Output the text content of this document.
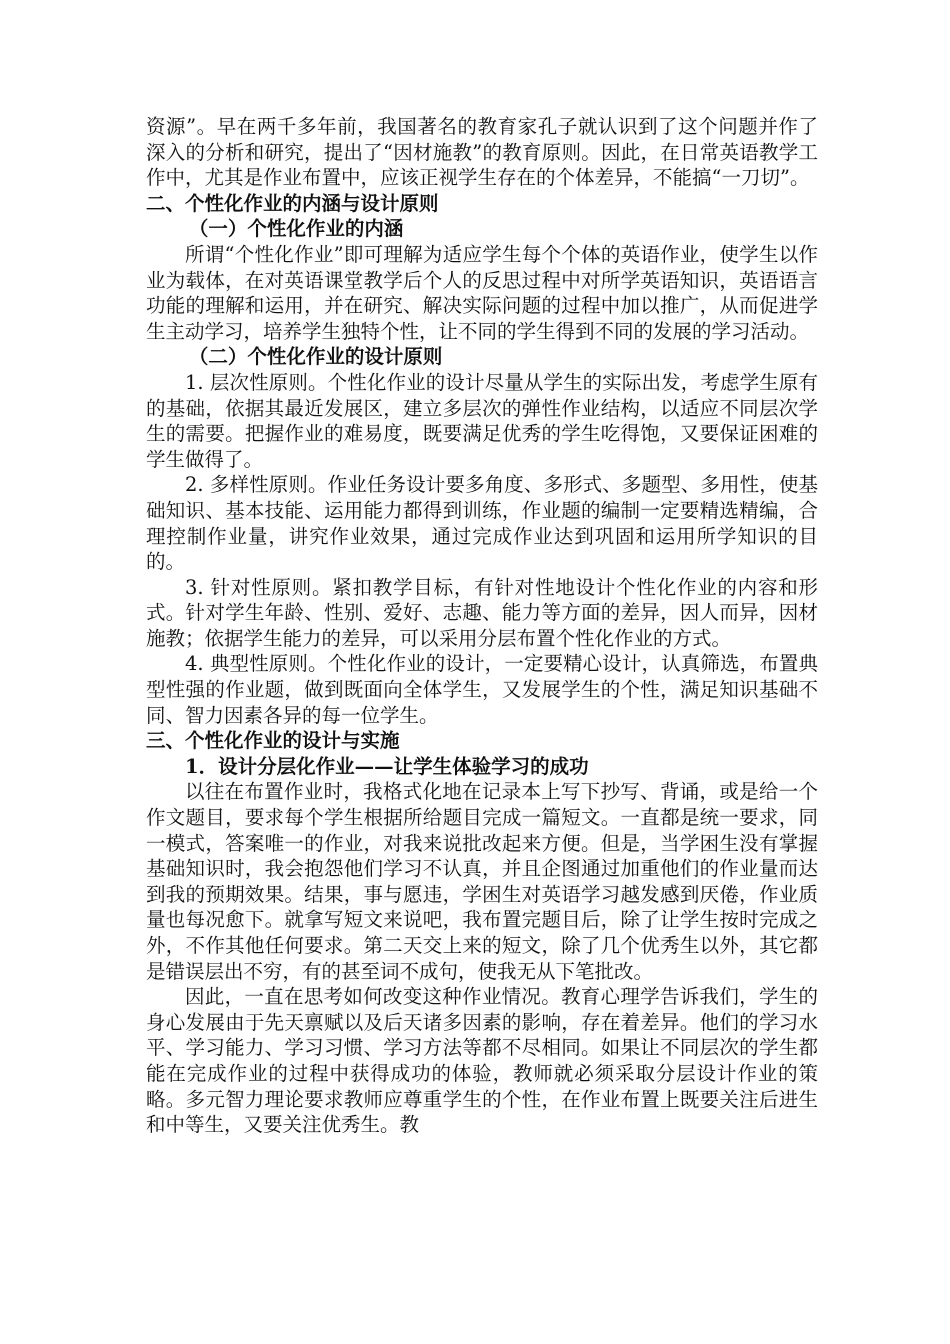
资源”。早在两千多年前，我国著名的教育家孔子就认识到了这个问题并作了深入的分析和研究，提出了“因材施教”的教育原则。因此，在日常英语教学工作中，尤其是作业布置中，应该正视学生存在的个体差异，不能搞“一刀切”。

二、个性化作业的内涵与设计原则

（一）个性化作业的内涵

所谓“个性化作业”即可理解为适应学生每个个体的英语作业，使学生以作业为载体，在对英语课堂教学后个人的反思过程中对所学英语知识，英语语言功能的理解和运用，并在研究、解决实际问题的过程中加以推广，从而促进学生主动学习，培养学生独特个性，让不同的学生得到不同的发展的学习活动。

（二）个性化作业的设计原则

1. 层次性原则。个性化作业的设计尽量从学生的实际出发，考虑学生原有的基础，依据其最近发展区，建立多层次的弹性作业结构，以适应不同层次学生的需要。把握作业的难易度，既要满足优秀的学生吃得饱，又要保证困难的学生做得了。

2. 多样性原则。作业任务设计要多角度、多形式、多题型、多用性，使基础知识、基本技能、运用能力都得到训练，作业题的编制一定要精选精编，合理控制作业量，讲究作业效果，通过完成作业达到巩固和运用所学知识的目的。

3. 针对性原则。紧扣教学目标，有针对性地设计个性化作业的内容和形式。针对学生年龄、性别、爱好、志趣、能力等方面的差异，因人而异，因材施教；依据学生能力的差异，可以采用分层布置个性化作业的方式。

4. 典型性原则。个性化作业的设计，一定要精心设计，认真筛选，布置典型性强的作业题，做到既面向全体学生，又发展学生的个性，满足知识基础不同、智力因素各异的每一位学生。

三、个性化作业的设计与实施

1．设计分层化作业——让学生体验学习的成功

以往在布置作业时，我格式化地在记录本上写下抄写、背诵，或是给一个作文题目，要求每个学生根据所给题目完成一篇短文。一直都是统一要求，同一模式，答案唯一的作业，对我来说批改起来方便。但是，当学困生没有掌握基础知识时，我会抱怨他们学习不认真，并且企图通过加重他们的作业量而达到我的预期效果。结果，事与愿违，学困生对英语学习越发感到厌倦，作业质量也每况愈下。就拿写短文来说吧，我布置完题目后，除了让学生按时完成之外，不作其他任何要求。第二天交上来的短文，除了几个优秀生以外，其它都是错误层出不穷，有的甚至词不成句，使我无从下笔批改。

因此，一直在思考如何改变这种作业情况。教育心理学告诉我们，学生的身心发展由于先天禀赋以及后天诸多因素的影响，存在着差异。他们的学习水平、学习能力、学习习惯、学习方法等都不尽相同。如果让不同层次的学生都能在完成作业的过程中获得成功的体验，教师就必须采取分层设计作业的策略。多元智力理论要求教师应尊重学生的个性，在作业布置上既要关注后进生和中等生，又要关注优秀生。教
